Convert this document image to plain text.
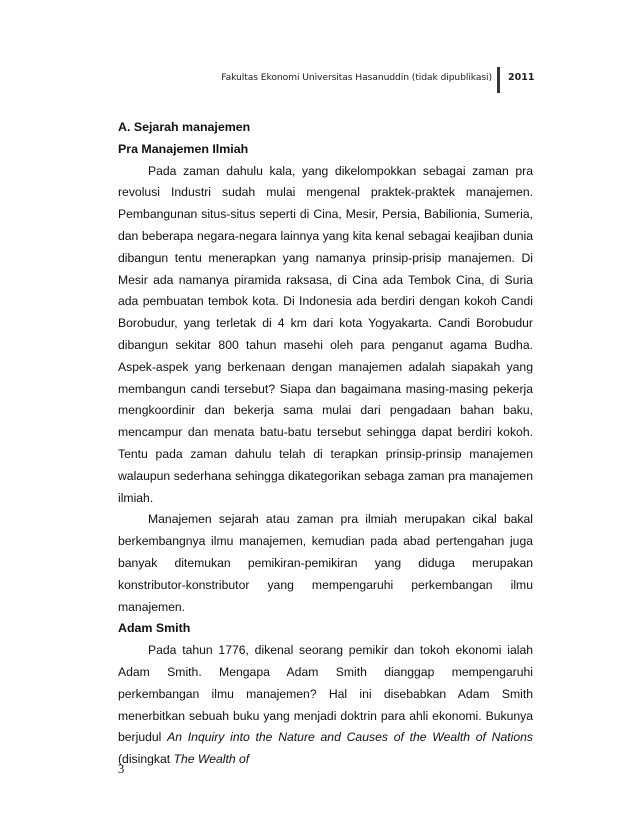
Fakultas Ekonomi Universitas Hasanuddin (tidak dipublikasi) 2011

A. Sejarah manajemen

Pra Manajemen Ilmiah

Pada zaman dahulu kala, yang dikelompokkan sebagai zaman pra revolusi Industri sudah mulai mengenal praktek-praktek manajemen. Pembangunan situs-situs seperti di Cina, Mesir, Persia, Babilionia, Sumeria, dan beberapa negara-negara lainnya yang kita kenal sebagai keajiban dunia dibangun tentu menerapkan yang namanya prinsip-prisip manajemen. Di Mesir ada namanya piramida raksasa, di Cina ada Tembok Cina, di Suria ada pembuatan tembok kota. Di Indonesia ada berdiri dengan kokoh Candi Borobudur, yang terletak di 4 km dari kota Yogyakarta. Candi Borobudur dibangun sekitar 800 tahun masehi oleh para penganut agama Budha. Aspek-aspek yang berkenaan dengan manajemen adalah siapakah yang membangun candi tersebut? Siapa dan bagaimana masing-masing pekerja mengkoordinir dan bekerja sama mulai dari pengadaan bahan baku, mencampur dan menata batu-batu tersebut sehingga dapat berdiri kokoh. Tentu pada zaman dahulu telah di terapkan prinsip-prinsip manajemen walaupun sederhana sehingga dikategorikan sebaga zaman pra manajemen ilmiah.

Manajemen sejarah atau zaman pra ilmiah merupakan cikal bakal berkembangnya ilmu manajemen, kemudian pada abad pertengahan juga banyak ditemukan pemikiran-pemikiran yang diduga merupakan konstributor-konstributor yang mempengaruhi perkembangan ilmu manajemen.

Adam Smith

Pada tahun 1776, dikenal seorang pemikir dan tokoh ekonomi ialah Adam Smith. Mengapa Adam Smith dianggap mempengaruhi perkembangan ilmu manajemen? Hal ini disebabkan Adam Smith menerbitkan sebuah buku yang menjadi doktrin para ahli ekonomi. Bukunya berjudul An Inquiry into the Nature and Causes of the Wealth of Nations (disingkat The Wealth of

3
